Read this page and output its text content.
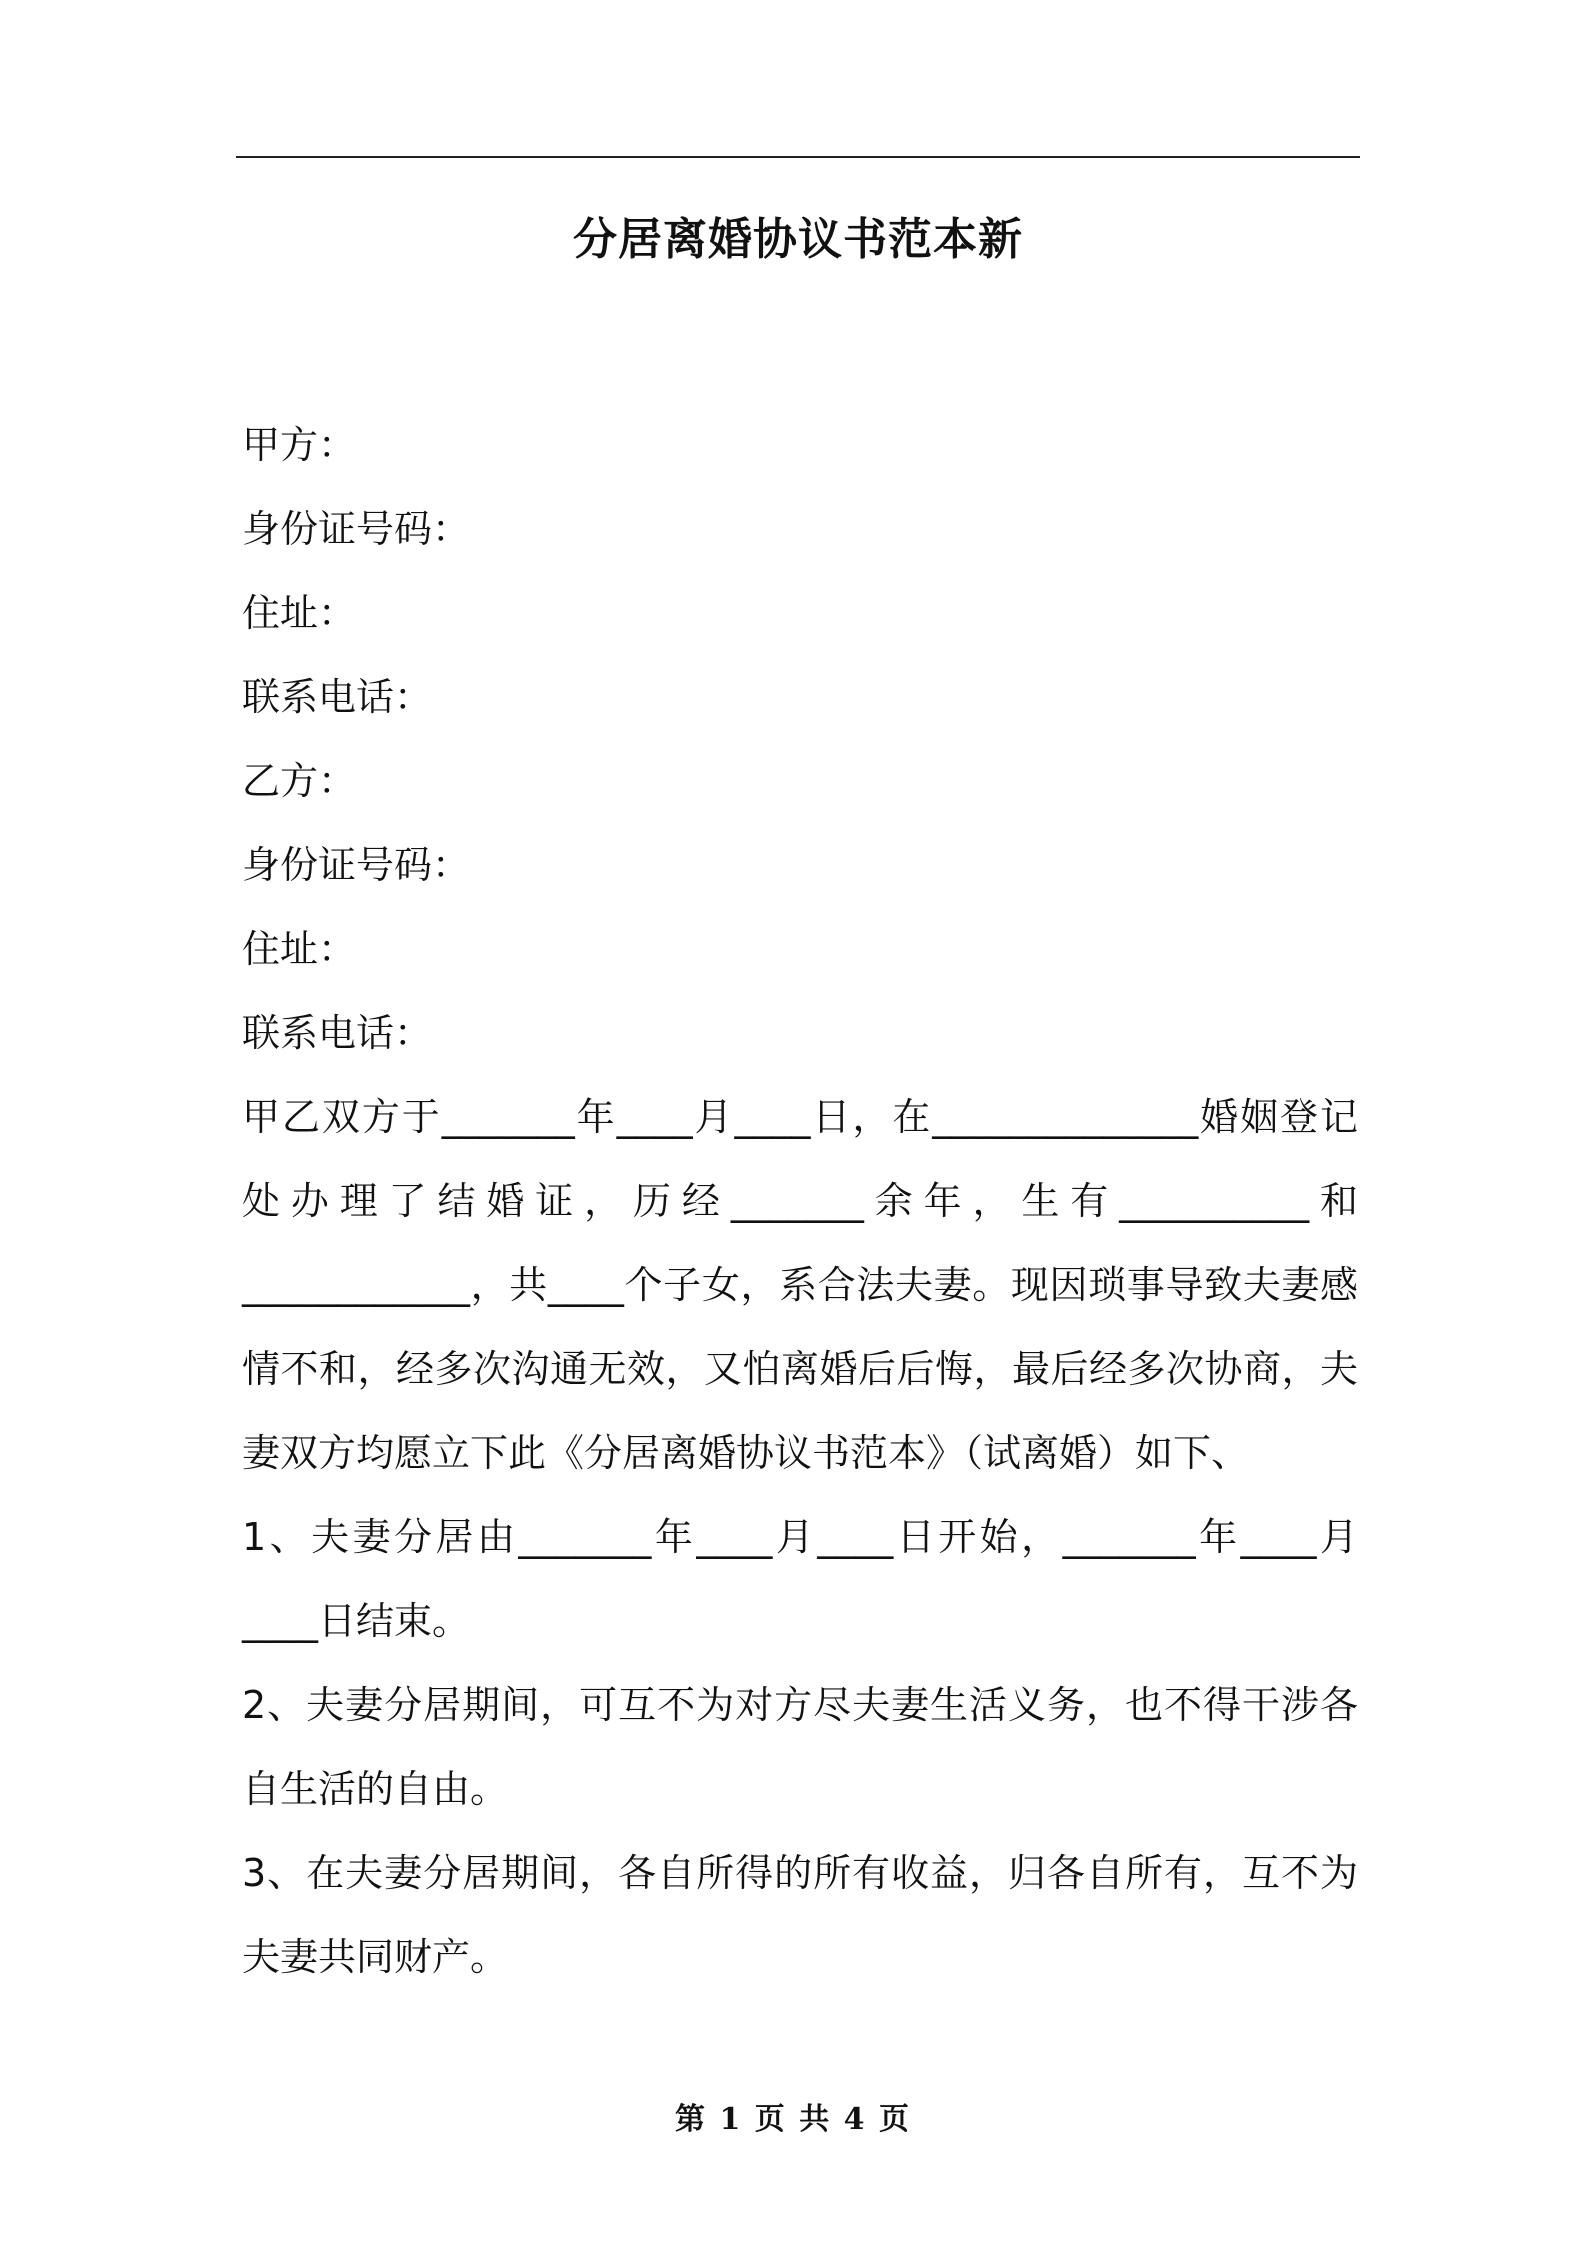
分居离婚协议书范本新
甲方：
身份证号码：
住址：
联系电话：
乙方：
身份证号码：
住址：
联系电话：
甲乙双方于_______年____月____日，在______________婚姻登记处办理了结婚证，历经_______余年，生有__________和____________，共____个子女，系合法夫妻。现因琐事导致夫妻感情不和，经多次沟通无效，又怕离婚后后悔，最后经多次协商，夫妻双方均愿立下此《分居离婚协议书范本》（试离婚）如下、
1、夫妻分居由_______年____月____日开始，_______年____月____日结束。
2、夫妻分居期间，可互不为对方尽夫妻生活义务，也不得干涉各自生活的自由。
3、在夫妻分居期间，各自所得的所有收益，归各自所有，互不为夫妻共同财产。
第 1 页 共 4 页
